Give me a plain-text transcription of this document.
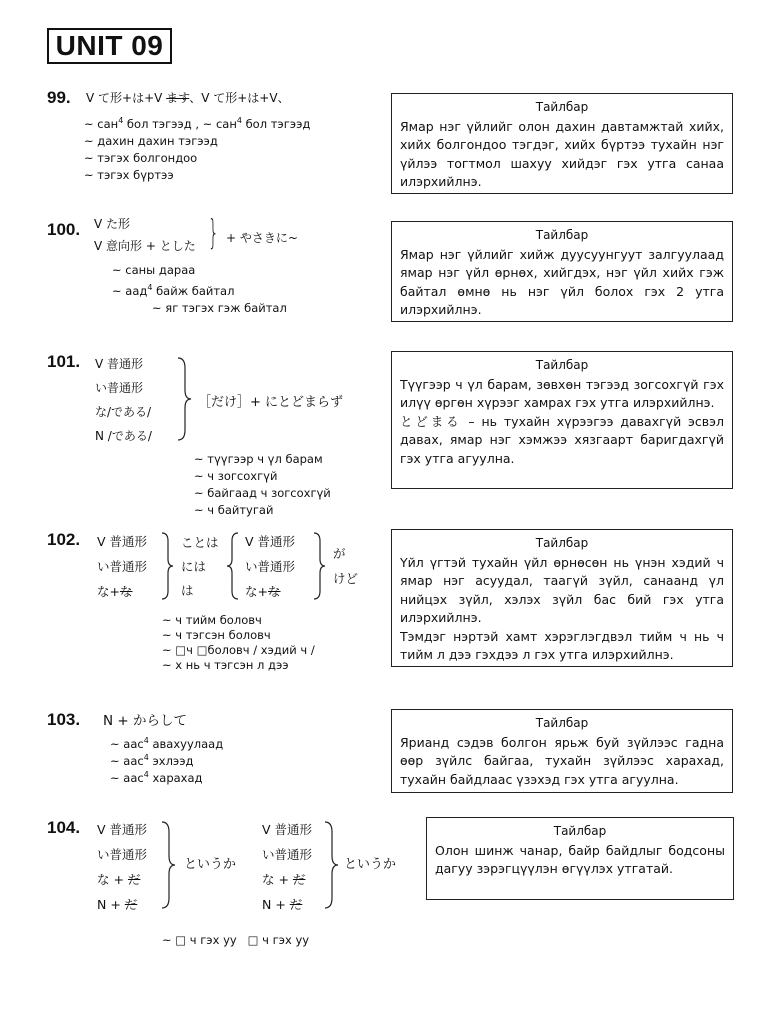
UNIT 09
99. V て形+は+V ます、V て形+は+V、
~ сан$^4$ бол тэгээд , ~ сан$^4$ бол тэгээд
~ дахин дахин тэгээд
~ тэгэх болгондоо
~ тэгэх бүртээ
Тайлбар
Ямар нэг үйлийг олон дахин давтамжтай хийх, хийх болгондоо тэгдэг, хийх бүртээ тухайн нэг үйлээ тогтмол шахуу хийдэг гэх утга санаа илэрхийлнэ.
100. V た形
V 意向形 + とした } + やさきに~
~ саны дараа
~ аад$^4$ байж байтал
~ яг тэгэх гэж байтал
Тайлбар
Ямар нэг үйлийг хийж дуусуунгуут залгуулаад ямар нэг үйл өрнөх, хийгдэх, нэг үйл хийх гэж байтал өмнө нь нэг үйл болох гэх 2 утга илэрхийлнэ.
101. V 普通形
い普通形
な/である/
N /である/
［だけ］+ にとどまらず
~ түүгээр ч үл барам
~ ч зогсохгүй
~ байгаад ч зогсохгүй
~ ч байтугай
Тайлбар
Түүгээр ч үл барам, зөвхөн тэгээд зогсохгүй гэх илүү өргөн хүрээг хамрах гэх утга илэрхийлнэ.
とどまる – нь тухайн хүрээгээ давахгүй эсвэл давах, ямар нэг хэмжээ хязгаарт баригдахгүй гэх утга агуулна.
102. V 普通形
い普通形
な+な
ことは
には
は
V 普通形
い普通形
な+な
が
けど
~ ч тийм боловч
~ ч тэгсэн боловч
~ □ч □боловч / хэдий ч /
~ х нь ч тэгсэн л дээ
Тайлбар
Үйл үгтэй тухайн үйл өрнөсөн нь үнэн хэдий ч ямар нэг асуудал, таагүй зүйл, санаанд үл нийцэх зүйл, хэлэх зүйл бас бий гэх утга илэрхийлнэ.
Тэмдэг нэртэй хамт хэрэглэгдвэл тийм ч нь ч тийм л дээ гэхдээ л гэх утга илэрхийлнэ.
103. N + からして
~ аас$^4$ авахуулаад
~ аас$^4$ эхлээд
~ аас$^4$ харахад
Тайлбар
Ярианд сэдэв болгон ярьж буй зүйлээс гадна өөр зүйлс байгаа, тухайн зүйлээс харахад, тухайн байдлаас үзэхэд гэх утга агуулна.
104. V 普通形
い普通形
な + だ
N + だ
というか
V 普通形
い普通形
な + だ
N + だ
というか
~ □ ч гэх уу   □ ч гэх уу
Тайлбар
Олон шинж чанар, байр байдлыг бодсоны дагуу зэрэгцүүлэн өгүүлэх утгатай.
